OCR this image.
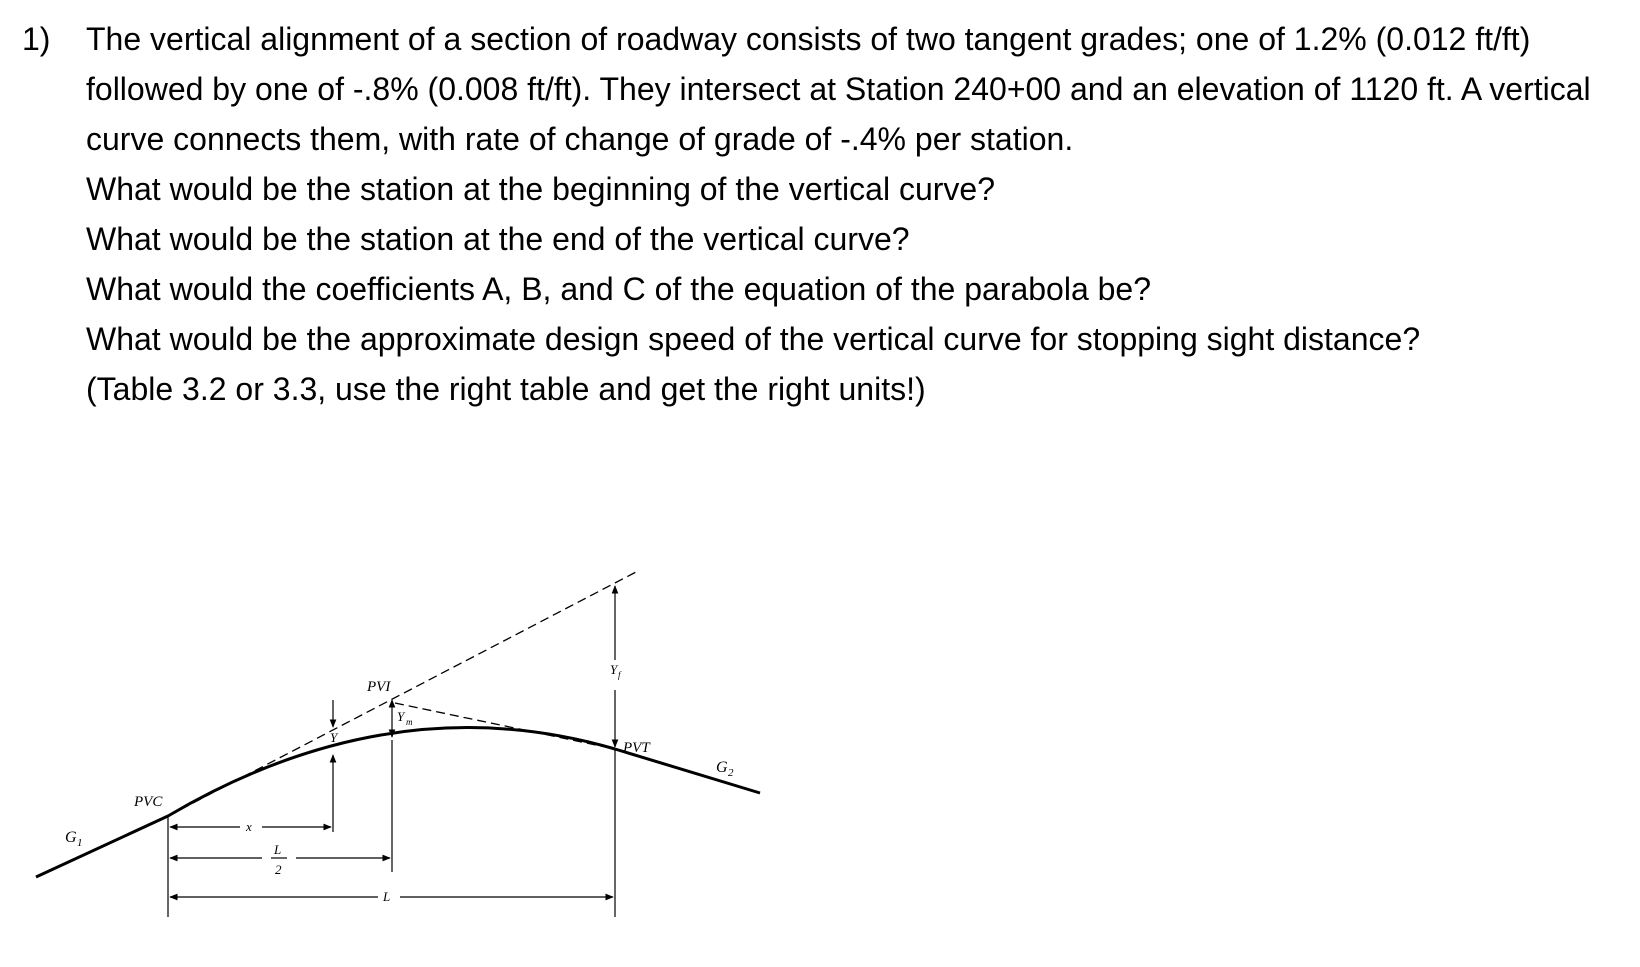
1)	The vertical alignment of a section of roadway consists of two tangent grades; one of 1.2% (0.012 ft/ft) followed by one of -.8% (0.008 ft/ft). They intersect at Station 240+00 and an elevation of 1120 ft. A vertical curve connects them, with rate of change of grade of -.4% per station.

What would be the station at the beginning of the vertical curve?

What would be the station at the end of the vertical curve?

What would the coefficients A, B, and C of the equation of the parabola be?

What would be the approximate design speed of the vertical curve for stopping sight distance?

(Table 3.2 or 3.3, use the right table and get the right units!)

G 1
G 2
PVC
PVI
PVT
Y
Y m
Y f
x
L
2
L
